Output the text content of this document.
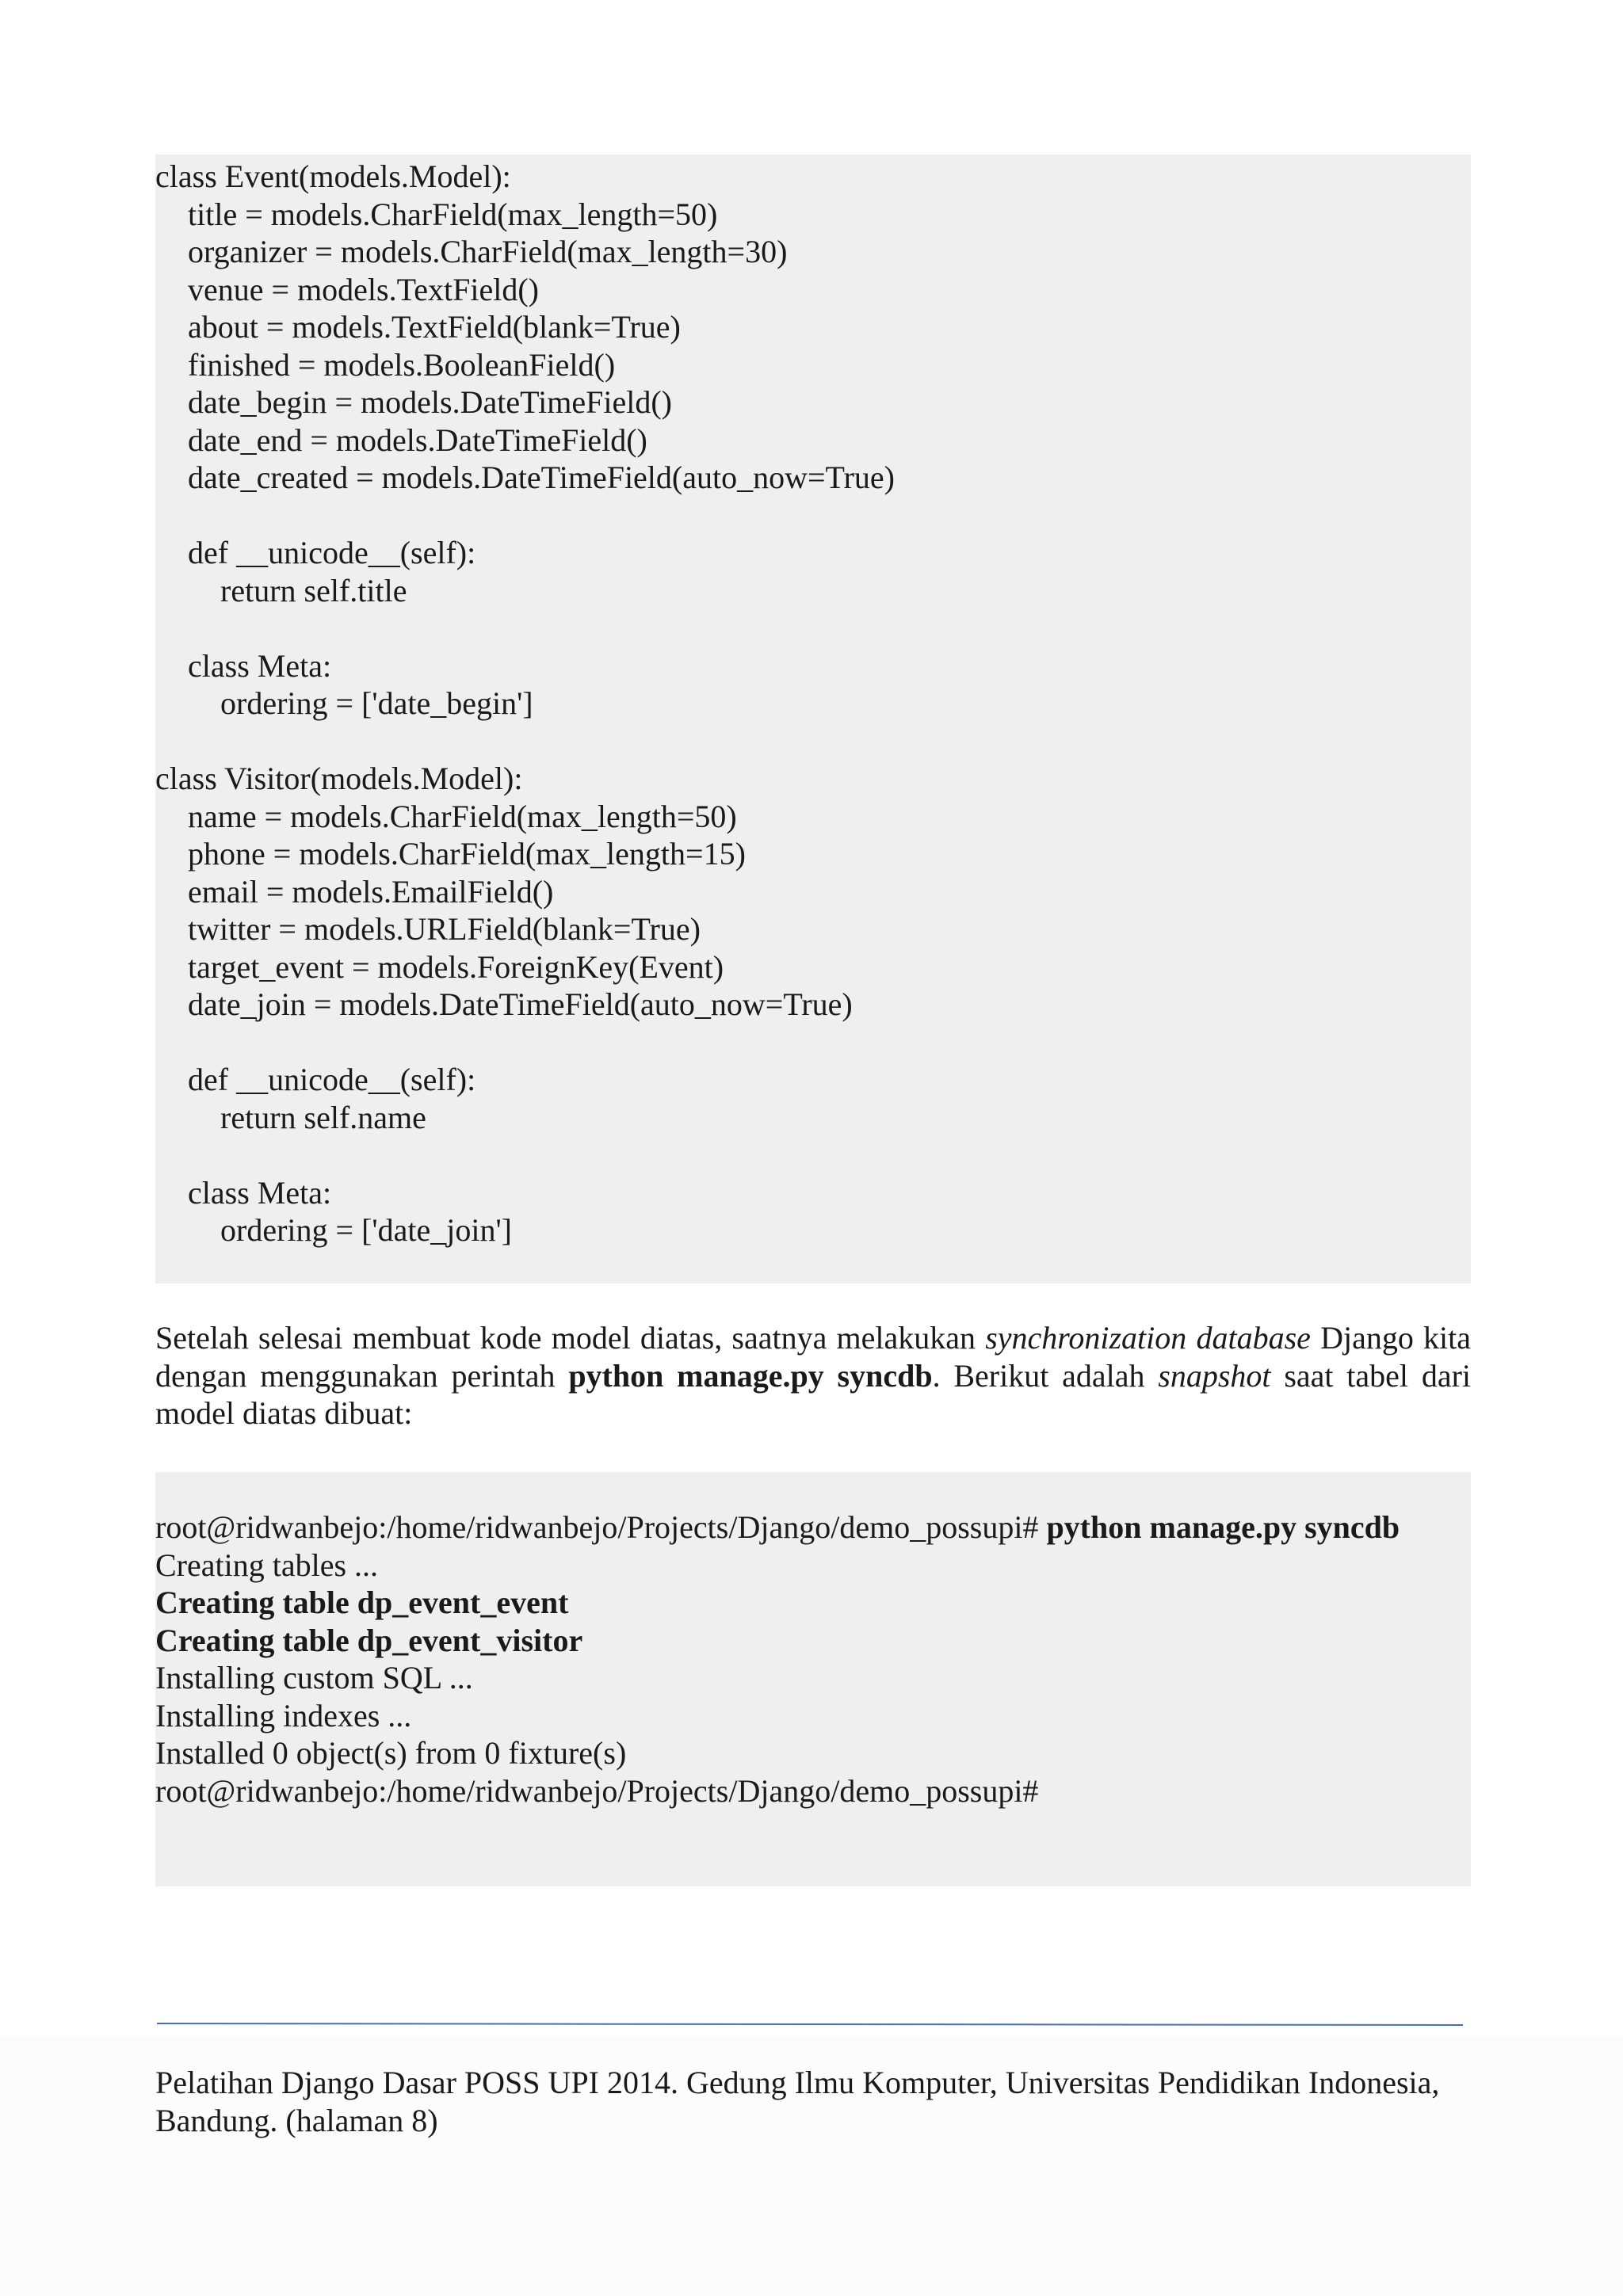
class Event(models.Model):
title = models.CharField(max_length=50)
organizer = models.CharField(max_length=30)
venue = models.TextField()
about = models.TextField(blank=True)
finished = models.BooleanField()
date_begin = models.DateTimeField()
date_end = models.DateTimeField()
date_created = models.DateTimeField(auto_now=True)
def __unicode__(self):
return self.title
class Meta:
ordering = ['date_begin']
class Visitor(models.Model):
name = models.CharField(max_length=50)
phone = models.CharField(max_length=15)
email = models.EmailField()
twitter = models.URLField(blank=True)
target_event = models.ForeignKey(Event)
date_join = models.DateTimeField(auto_now=True)
def __unicode__(self):
return self.name
class Meta:
ordering = ['date_join']

Setelah selesai membuat kode model diatas, saatnya melakukan synchronization database Django kita dengan menggunakan perintah python manage.py syncdb. Berikut adalah snapshot saat tabel dari model diatas dibuat:

root@ridwanbejo:/home/ridwanbejo/Projects/Django/demo_possupi# python manage.py syncdb
Creating tables ...
Creating table dp_event_event
Creating table dp_event_visitor
Installing custom SQL ...
Installing indexes ...
Installed 0 object(s) from 0 fixture(s)
root@ridwanbejo:/home/ridwanbejo/Projects/Django/demo_possupi#

Pelatihan Django Dasar POSS UPI 2014. Gedung Ilmu Komputer, Universitas Pendidikan Indonesia, Bandung. (halaman 8)
